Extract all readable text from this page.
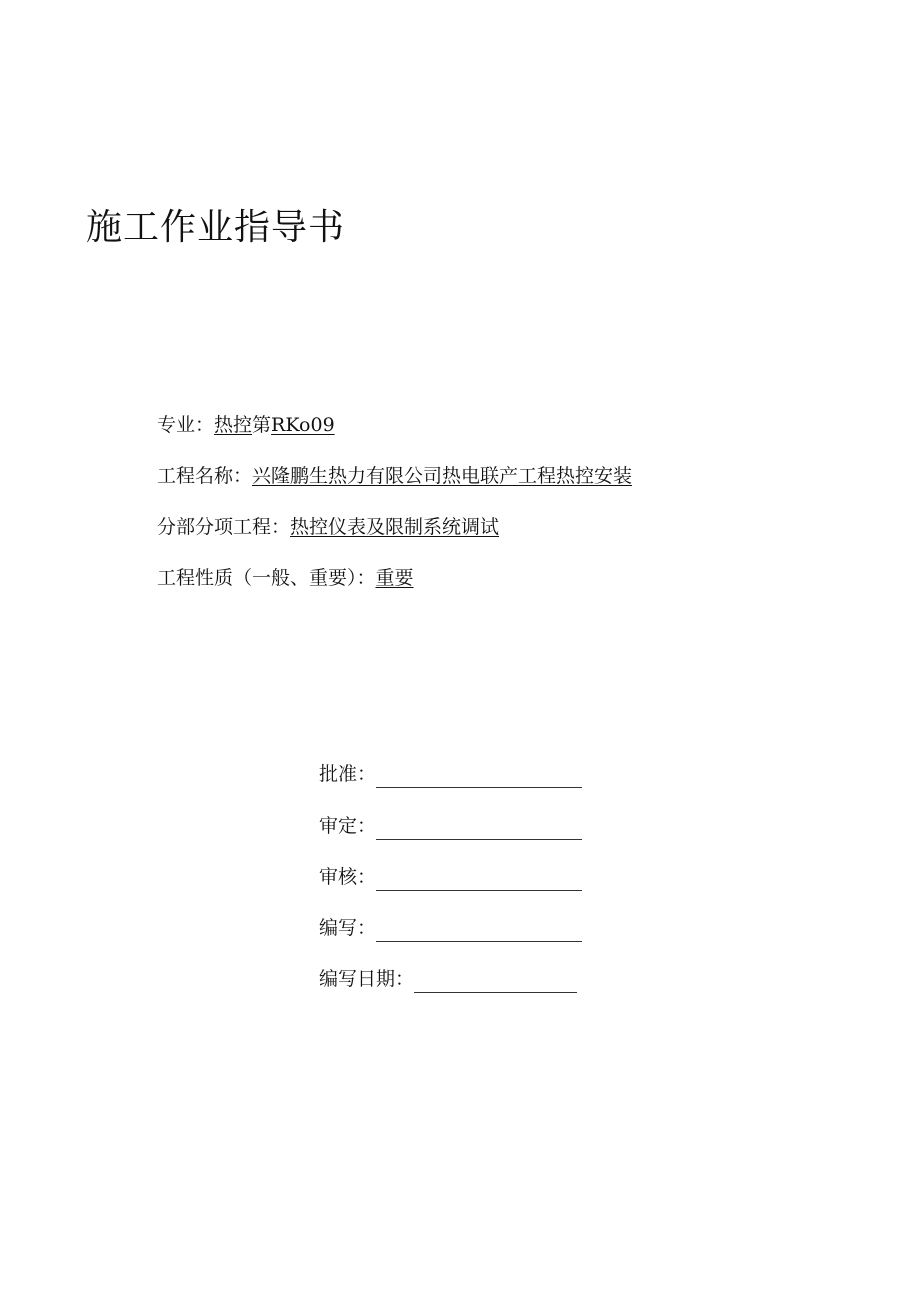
施工作业指导书
专业：热控第RKo09
工程名称：兴隆鹏生热力有限公司热电联产工程热控安装
分部分项工程：热控仪表及限制系统调试
工程性质（一般、重要）：重要
批准：
审定：
审核：
编写：
编写日期：
